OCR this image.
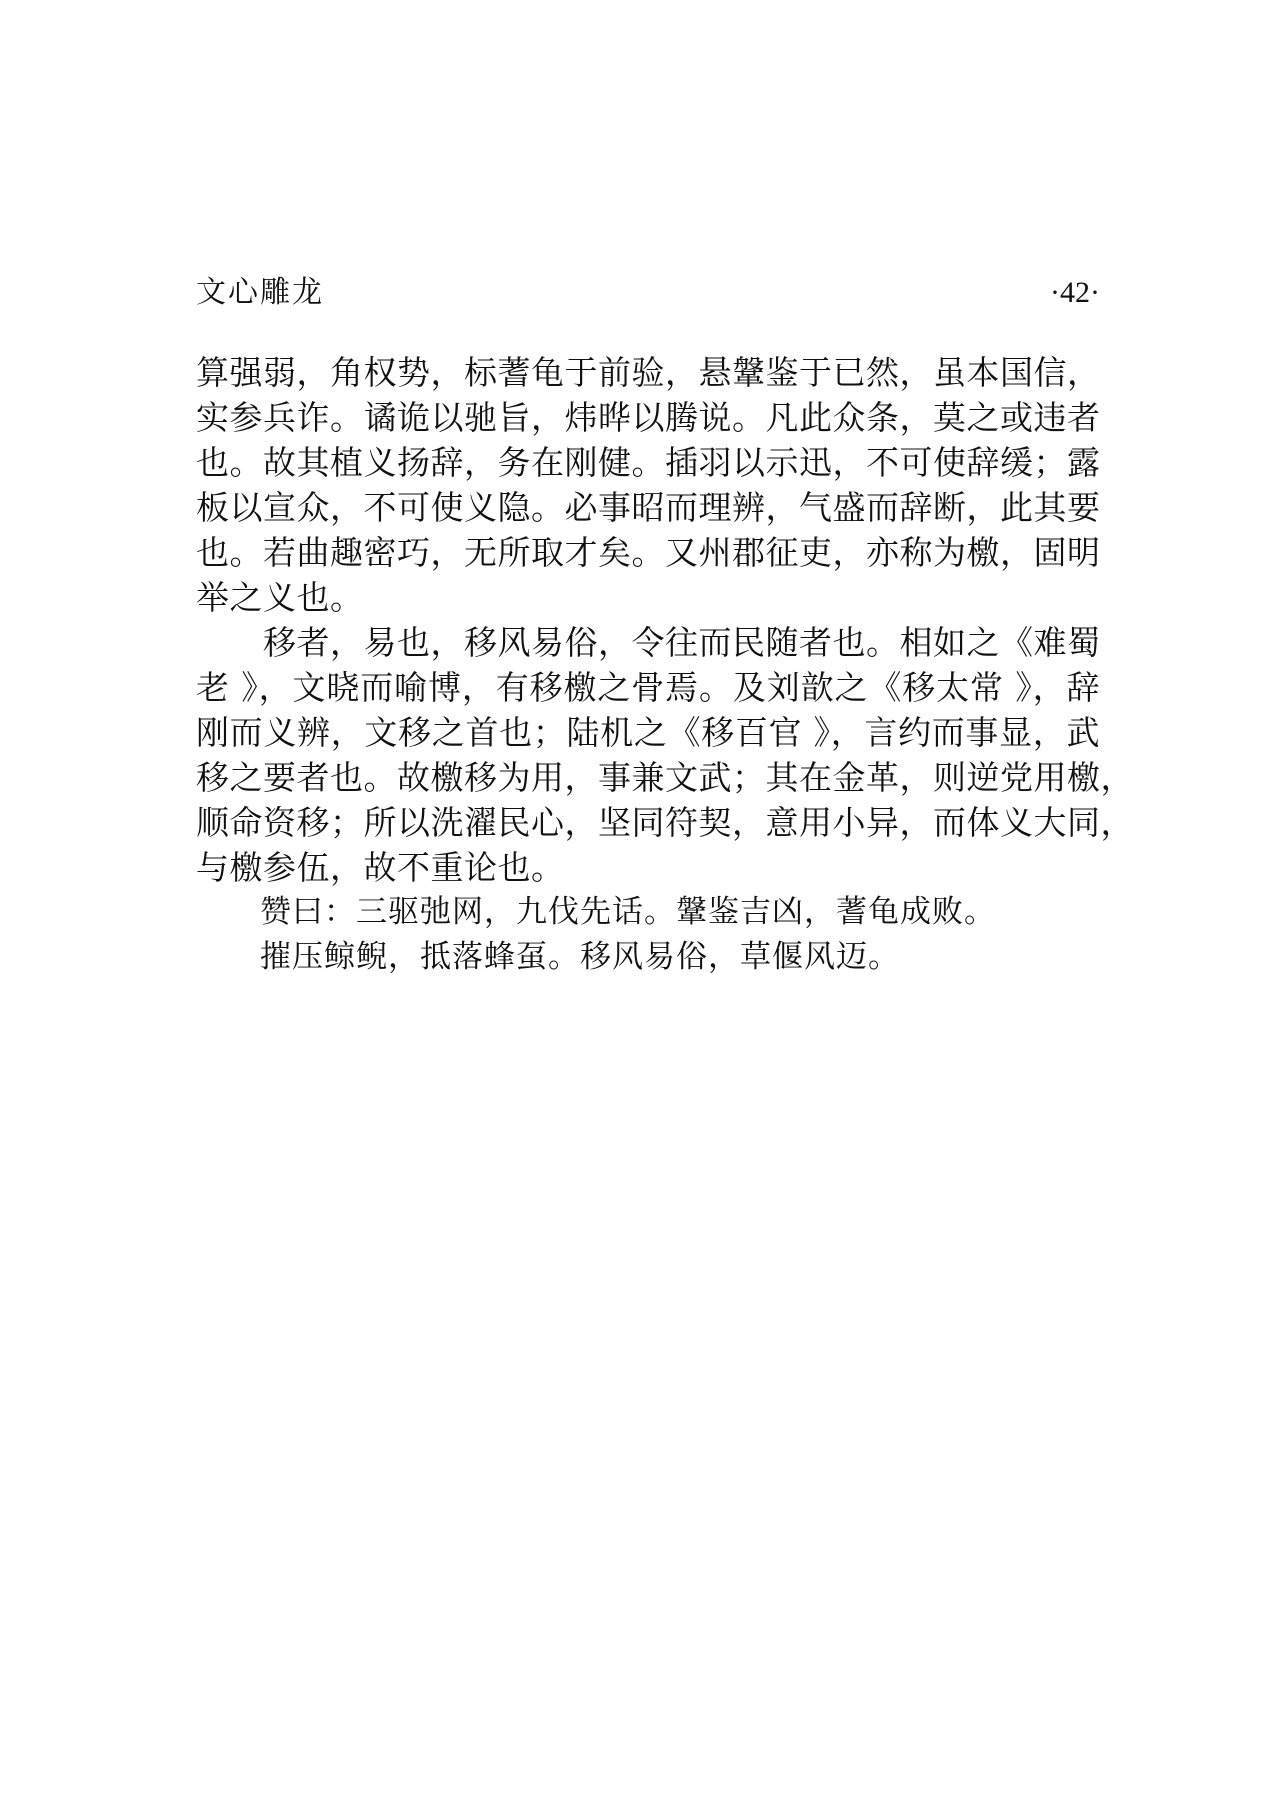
文心雕龙	·42·
算强弱，角权势，标蓍龟于前验，悬鞶鉴于已然，虽本国信，
实参兵诈。谲诡以驰旨，炜晔以腾说。凡此众条，莫之或违者
也。故其植义扬辞，务在刚健。插羽以示迅，不可使辞缓；露
板以宣众，不可使义隐。必事昭而理辨，气盛而辞断，此其要
也。若曲趣密巧，无所取才矣。又州郡征吏，亦称为檄，固明
举之义也。
　　移者，易也，移风易俗，令往而民随者也。相如之《难蜀
老 》，文晓而喻博，有移檄之骨焉。及刘歆之《移太常 》，辞
刚而义辨，文移之首也；陆机之《移百官 》，言约而事显，武
移之要者也。故檄移为用，事兼文武；其在金革，则逆党用檄，
顺命资移；所以洗濯民心，坚同符契，意用小异，而体义大同，
与檄参伍，故不重论也。
　　赞曰：三驱弛网，九伐先话。鞶鉴吉凶，蓍龟成败。
　　摧压鲸鲵，抵落蜂虿。移风易俗，草偃风迈。
